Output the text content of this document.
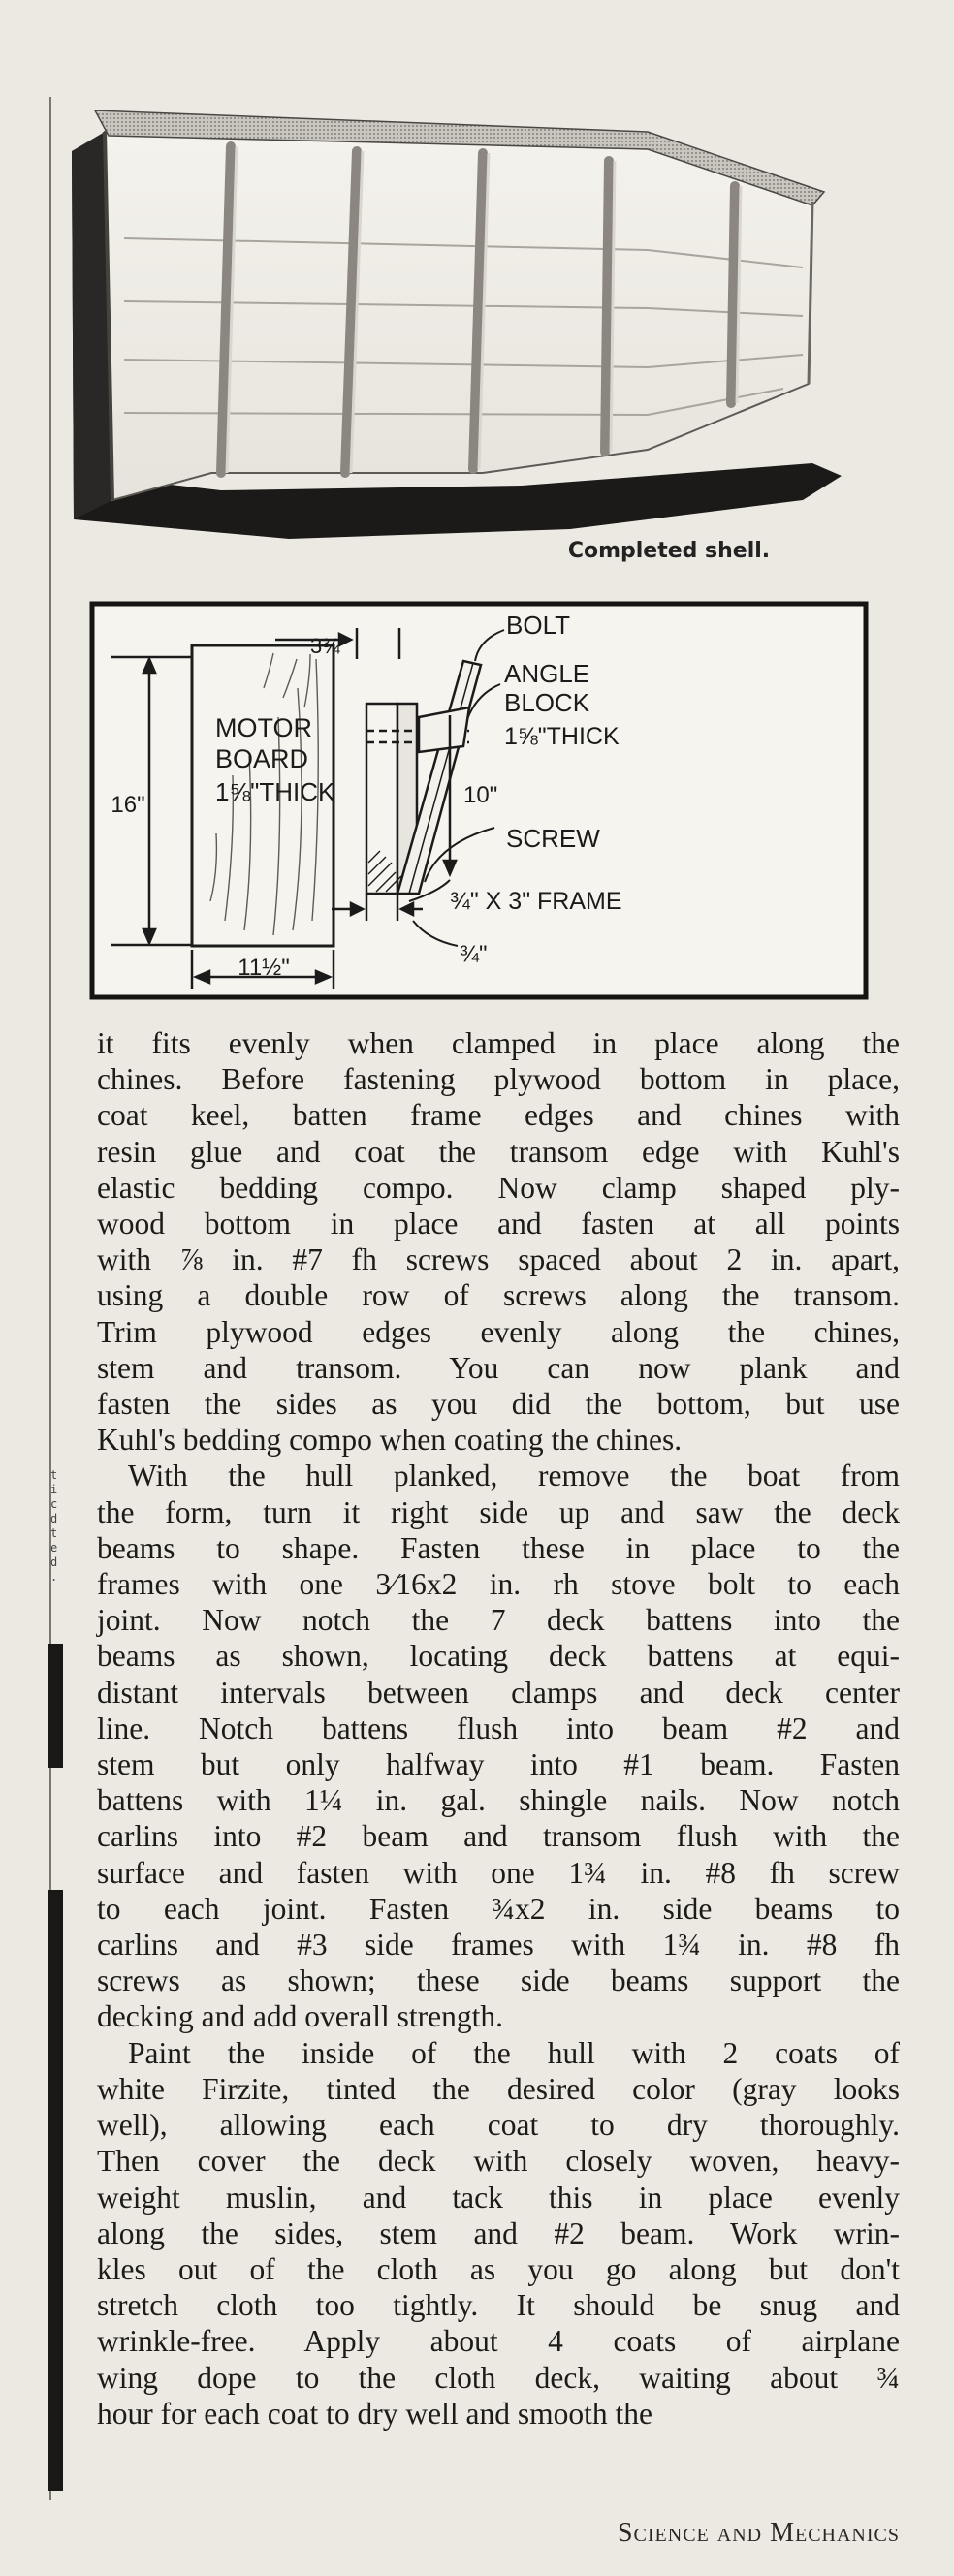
t
i
c
d
t
e
d
.
Completed shell.
16"
MOTOR
BOARD
1⅝"THICK
11½"
3¾"
BOLT
ANGLE
BLOCK
1⅝"THICK
10"
SCREW
¾" X 3" FRAME
¾"

it fits evenly when clamped in place along the
chines. Before fastening plywood bottom in place,
coat keel, batten frame edges and chines with
resin glue and coat the transom edge with Kuhl's
elastic bedding compo. Now clamp shaped ply-
wood bottom in place and fasten at all points
with ⅞ in. #7 fh screws spaced about 2 in. apart,
using a double row of screws along the transom.
Trim plywood edges evenly along the chines,
stem and transom. You can now plank and
fasten the sides as you did the bottom, but use
Kuhl's bedding compo when coating the chines.

With the hull planked, remove the boat from
the form, turn it right side up and saw the deck
beams to shape. Fasten these in place to the
frames with one 3⁄16x2 in. rh stove bolt to each
joint. Now notch the 7 deck battens into the
beams as shown, locating deck battens at equi-
distant intervals between clamps and deck center
line. Notch battens flush into beam #2 and
stem but only halfway into #1 beam. Fasten
battens with 1¼ in. gal. shingle nails. Now notch
carlins into #2 beam and transom flush with the
surface and fasten with one 1¾ in. #8 fh screw
to each joint. Fasten ¾x2 in. side beams to
carlins and #3 side frames with 1¾ in. #8 fh
screws as shown; these side beams support the
decking and add overall strength.

Paint the inside of the hull with 2 coats of
white Firzite, tinted the desired color (gray looks
well), allowing each coat to dry thoroughly.
Then cover the deck with closely woven, heavy-
weight muslin, and tack this in place evenly
along the sides, stem and #2 beam. Work wrin-
kles out of the cloth as you go along but don't
stretch cloth too tightly. It should be snug and
wrinkle-free. Apply about 4 coats of airplane
wing dope to the cloth deck, waiting about ¾
hour for each coat to dry well and smooth the

Science and Mechanics
